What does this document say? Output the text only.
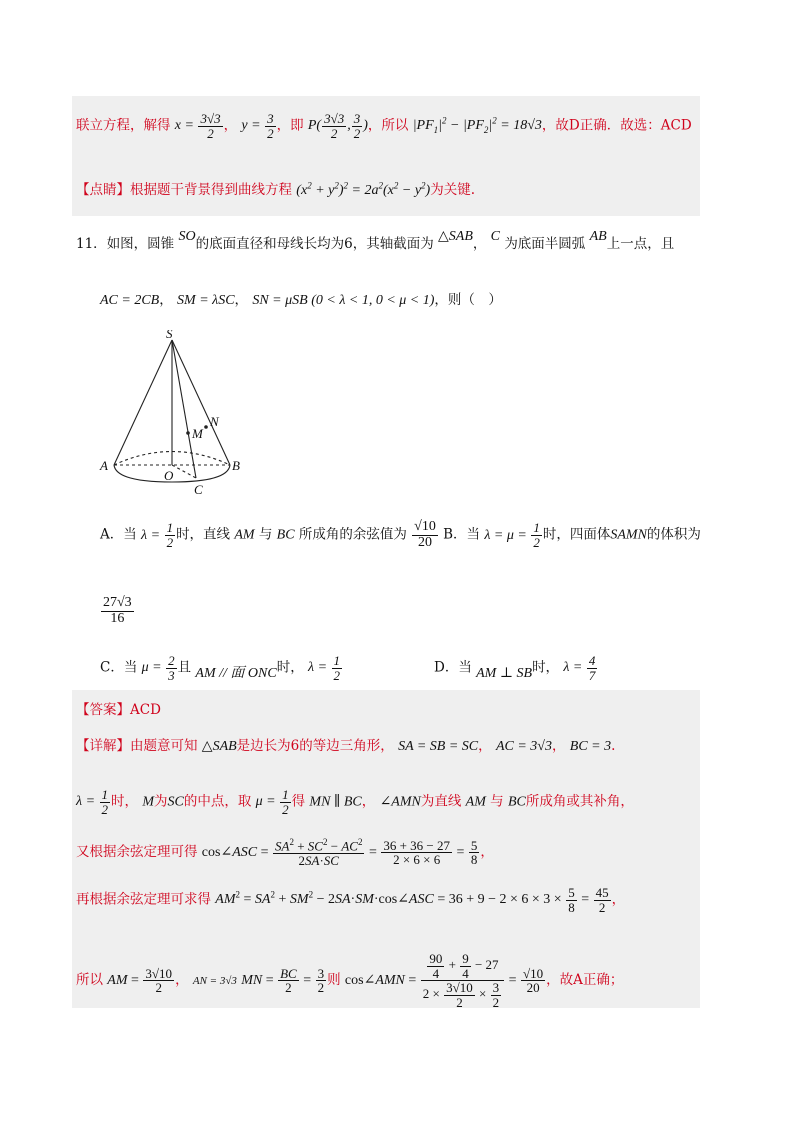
联立方程，解得 $x = \frac{3√3}{2}$ ， $y = \frac{3}{2}$ ，即 $P( \frac{3√3}{2}$ , $\frac{3}{2}$ )，所以 $|PF_1|^2 - |PF_2|^2 = 18√3$，故D正确．故选：ACD
【点睛】根据题干背景得到曲线方程 $(x^2 + y^2)^2 = 2a^2(x^2 - y^2)$为关键.
11．如图，圆锥 SO的底面直径和母线长均为6，其轴截面为 △SAB， C 为底面半圆弧 AB上一点，且
AC = 2CB， SM = λSC， SN = μSB (0 < λ < 1, 0 < μ < 1)，则（　）
S
M
N
A
O
B
C
A．当 $\lambda = \frac{1}{2}$ 时，直线 AM 与 BC 所成角的余弦值为 $\frac{√10}{20}$ B．当 $\lambda = \mu = \frac{1}{2}$ 时，四面体SAMN的体积为
$\frac{27√3}{16}$
C．当 $\mu = \frac{2}{3}$ 且 AM // 面 ONC时， $\lambda = \frac{1}{2}$	D．当 AM ⊥ SB时， $\lambda = \frac{4}{7}$
【答案】ACD
【详解】由题意可知 △SAB是边长为6的等边三角形， SA = SB = SC， AC = 3√3， BC = 3.
$\lambda = \frac{1}{2}$ 时， M为SC的中点，取 $\mu = \frac{1}{2}$ 得 MN ∥ BC， ∠AMN为直线 AM 与 BC所成角或其补角，
又根据余弦定理可得 cos∠ASC = $\frac{SA^2 + SC^2 - AC^2}{2SA\cdot SC} = \frac{36 + 36 - 27}{2 \times 6 \times 6} = \frac{5}{8}$ ，
再根据余弦定理可求得 $AM^2 = SA^2 + SM^2$ − 2SA·SM·cos∠ASC = $36 + 9 - 2 \times 6 \times 3 \times \frac{5}{8} = \frac{45}{2}$ ，
所以 AM = $\frac{3√10}{2}$ ， AN = 3√3 MN = $\frac{BC}{2} = \frac{3}{2}$ 则 cos∠AMN = $\frac{\frac{90}{4} + \frac{9}{4} - 27}{2 \times \frac{3√10}{2} \times \frac{3}{2}} = \frac{√10}{20}$ ，故A正确；
